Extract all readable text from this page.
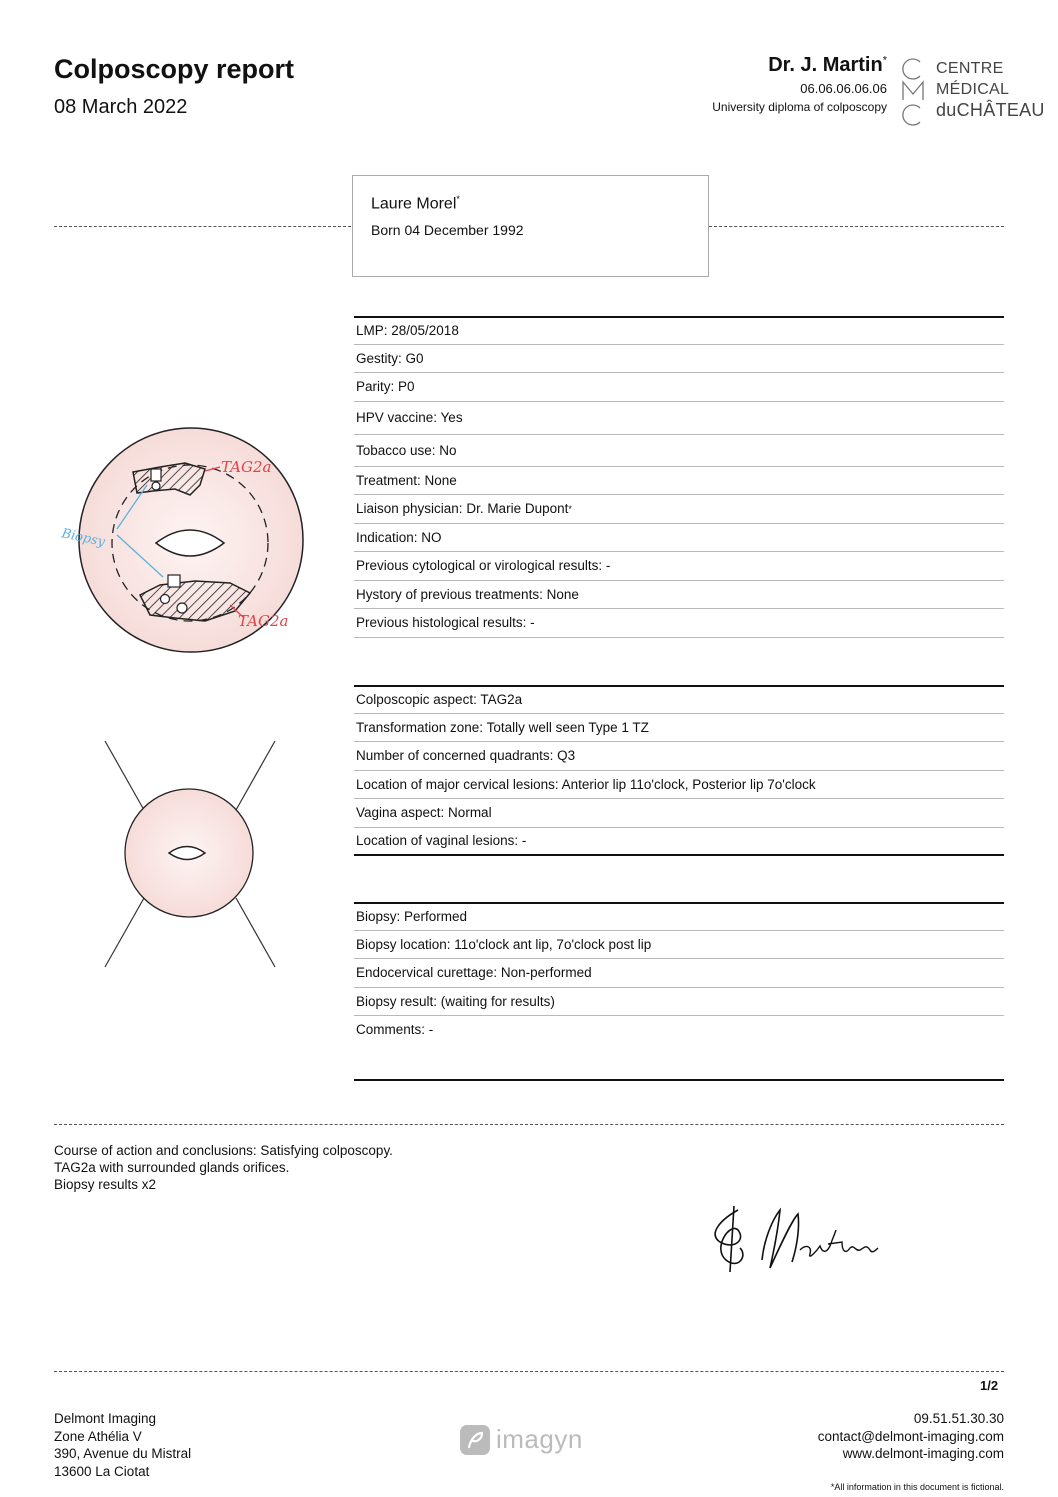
Colposcopy report
08 March 2022
Dr. J. Martin*
06.06.06.06.06
University diploma of colposcopy
CENTRE
MÉDICAL
duCHÂTEAU
Laure Morel*
Born 04 December 1992
TAG2a
TAG2a
Biopsy
LMP: 28/05/2018
Gestity: G0
Parity: P0
HPV vaccine: Yes
Tobacco use: No
Treatment: None
Liaison physician: Dr. Marie Dupont *
Indication: NO
Previous cytological or virological results: -
Hystory of previous treatments: None
Previous histological results: -
Colposcopic aspect: TAG2a
Transformation zone: Totally well seen Type 1 TZ
Number of concerned quadrants: Q3
Location of major cervical lesions: Anterior lip 11o'clock, Posterior lip 7o'clock
Vagina aspect: Normal
Location of vaginal lesions: -
Biopsy: Performed
Biopsy location: 11o'clock ant lip, 7o'clock post lip
Endocervical curettage: Non-performed
Biopsy result: (waiting for results)
Comments: -
Course of action and conclusions: Satisfying colposcopy.
TAG2a with surrounded glands orifices.
Biopsy results x2
1/2
Delmont Imaging
Zone Athélia V
390, Avenue du Mistral
13600 La Ciotat
imagyn
09.51.51.30.30
contact@delmont-imaging.com
www.delmont-imaging.com
*All information in this document is fictional.
